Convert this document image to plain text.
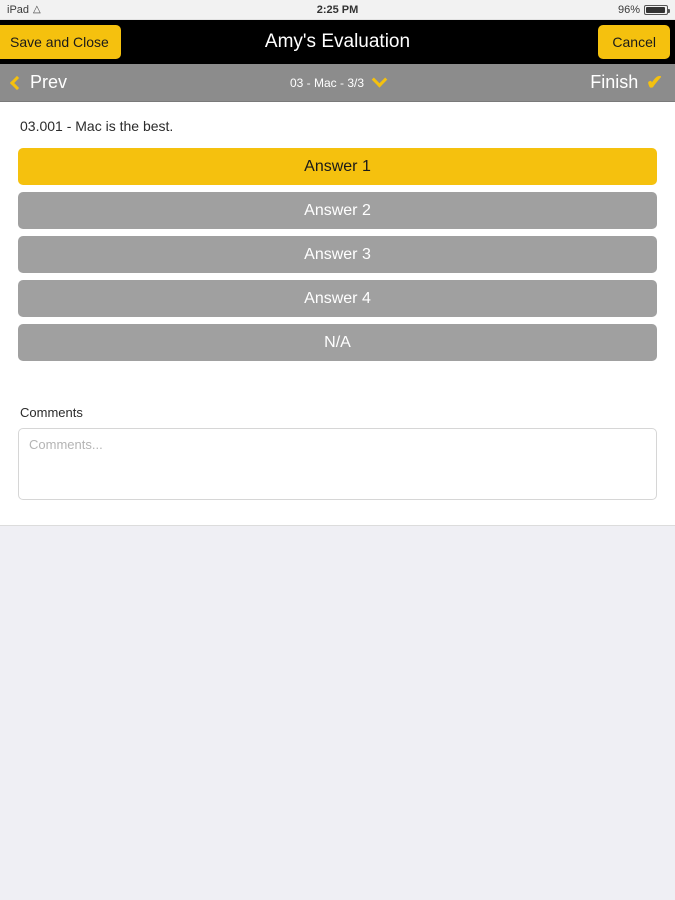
iPad △	2:25 PM	96%
Save and Close	Amy's Evaluation	Cancel
Prev	03 - Mac - 3/3	Finish ✔
03.001 - Mac is the best.
Answer 1
Answer 2
Answer 3
Answer 4
N/A
Comments
Comments...
